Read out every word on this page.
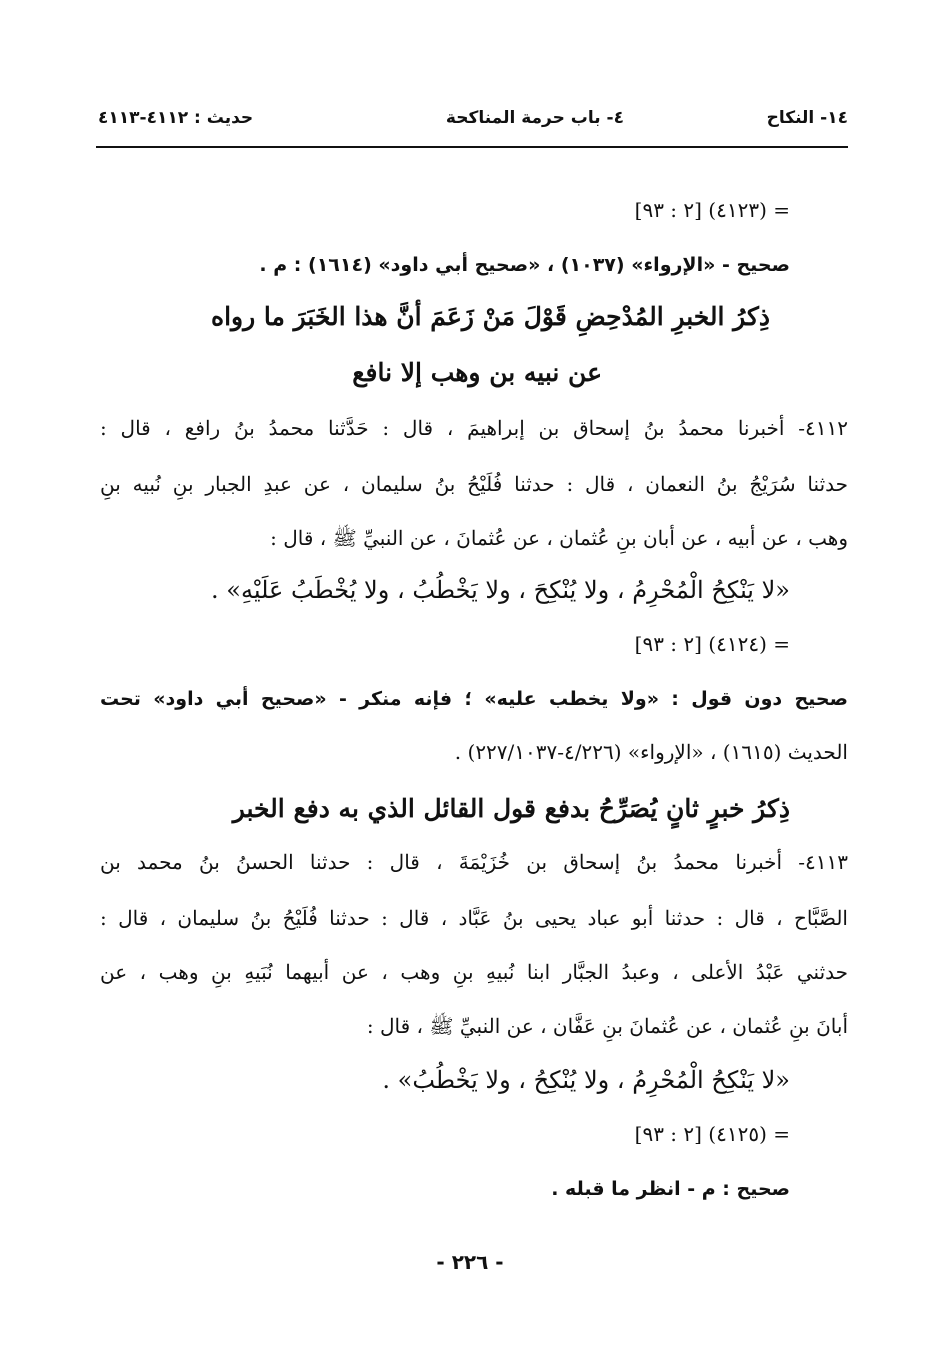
١٤- النكاح
٤- باب حرمة المناكحة
حديث : ٤١١٢-٤١١٣
= (٤١٢٣) [٢ : ٩٣]
صحيح - «الإرواء» (١٠٣٧) ، «صحيح أبي داود» (١٦١٤) : م .
ذِكرُ الخبرِ المُدْحِضِ قَوْلَ مَنْ زَعَمَ أنَّ هذا الخَبَرَ ما رواه
عن نبيه بن وهب إلا نافع
٤١١٢- أخبرنا محمدُ بنُ إسحاق بن إبراهيمَ ، قال : حَدَّثنا محمدُ بنُ رافع ، قال :
حدثنا سُرَيْجُ بنُ النعمان ، قال : حدثنا فُلَيْحُ بنُ سليمان ، عن عبدِ الجبار بنِ نُبيه بنِ
وهب ، عن أبيه ، عن أبان بنِ عُثمان ، عن عُثمانَ ، عن النبيِّ ﷺ ، قال :
«لا يَنْكِحُ الْمُحْرِمُ ، ولا يُنْكِحَ ، ولا يَخْطُبُ ، ولا يُخْطَبُ عَلَيْهِ» .
= (٤١٢٤) [٢ : ٩٣]
صحيح دون قول : «ولا يخطب عليه» ؛ فإنه منكر - «صحيح أبي داود» تحت
الحديث (١٦١٥) ، «الإرواء» (٤/٢٢٦-٢٢٧/١٠٣٧) .
ذِكرُ خبرٍ ثانٍ يُصَرِّحُ بدفع قول القائل الذي به دفع الخبر
٤١١٣- أخبرنا محمدُ بنُ إسحاق بن خُزَيْمَةَ ، قال : حدثنا الحسنُ بنُ محمد بن
الصَّبَّاح ، قال : حدثنا أبو عباد يحيى بنُ عَبَّاد ، قال : حدثنا فُلَيْحُ بنُ سليمان ، قال :
حدثني عَبْدُ الأعلى ، وعبدُ الجبَّار ابنا نُبيهِ بنِ وهب ، عن أبيهما نُبَيهِ بنِ وهب ، عن
أبانَ بنِ عُثمان ، عن عُثمانَ بنِ عَفَّان ، عن النبيِّ ﷺ ، قال :
«لا يَنْكِحُ الْمُحْرِمُ ، ولا يُنْكِحُ ، ولا يَخْطُبُ» .
= (٤١٢٥) [٢ : ٩٣]
صحيح : م - انظر ما قبله .
- ٢٢٦ -
